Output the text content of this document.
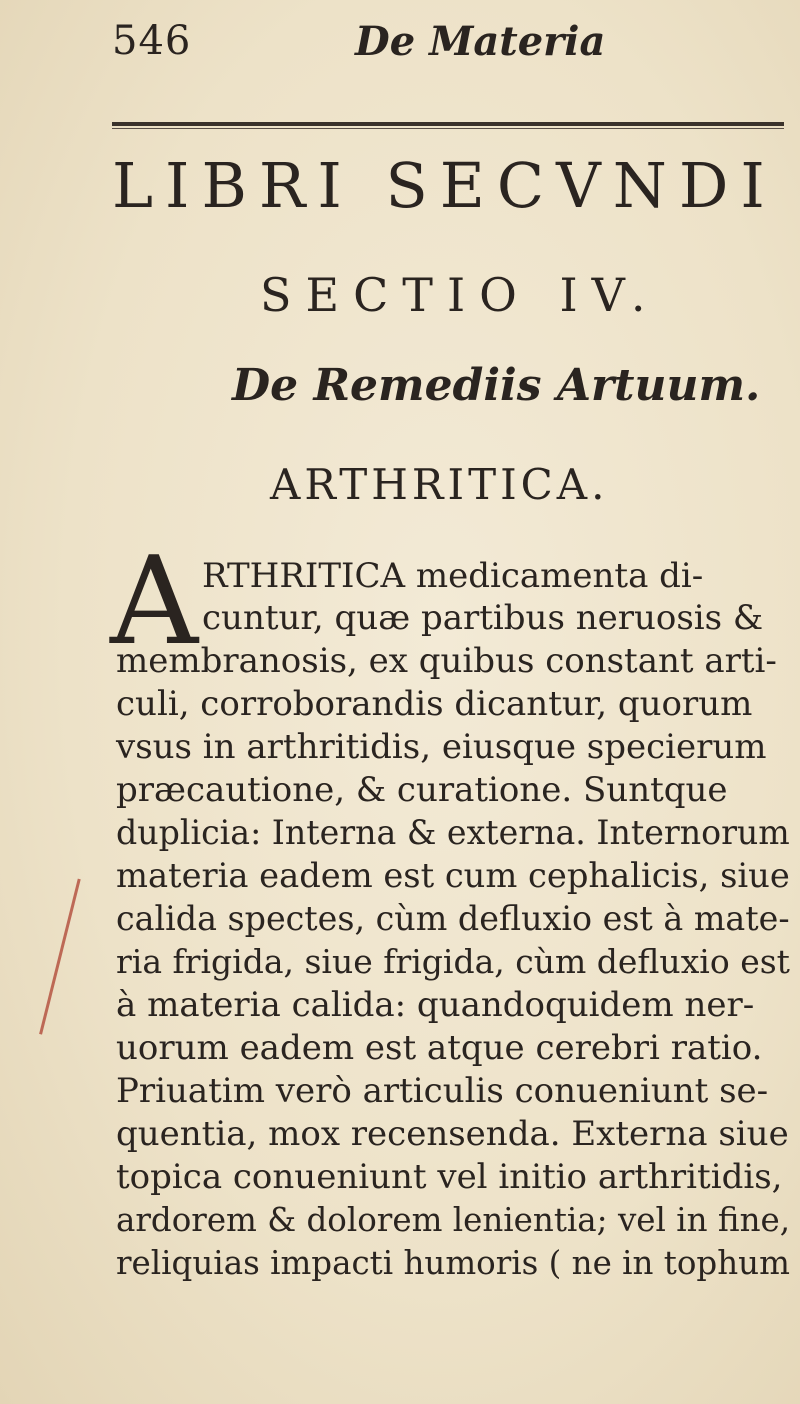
546	De Materia
LIBRI SECVNDI
SECTIO IV.
De Remediis Artuum.
ARTHRITICA.
A RTHRITICA medicamenta di-
cuntur, quæ partibus neruosis &
membranosis, ex quibus constant arti-
culi, corroborandis dicantur, quorum
vsus in arthritidis, eiusque specierum
præcautione, & curatione. Suntque
duplicia: Interna & externa. Internorum
materia eadem est cum cephalicis, siue
calida spectes, cùm defluxio est à mate-
ria frigida, siue frigida, cùm defluxio est
à materia calida: quandoquidem ner-
uorum eadem est atque cerebri ratio.
Priuatim verò articulis conueniunt se-
quentia, mox recensenda. Externa siue
topica conueniunt vel initio arthritidis,
ardorem & dolorem lenientia; vel in fine,
reliquias impacti humoris ( ne in tophum
